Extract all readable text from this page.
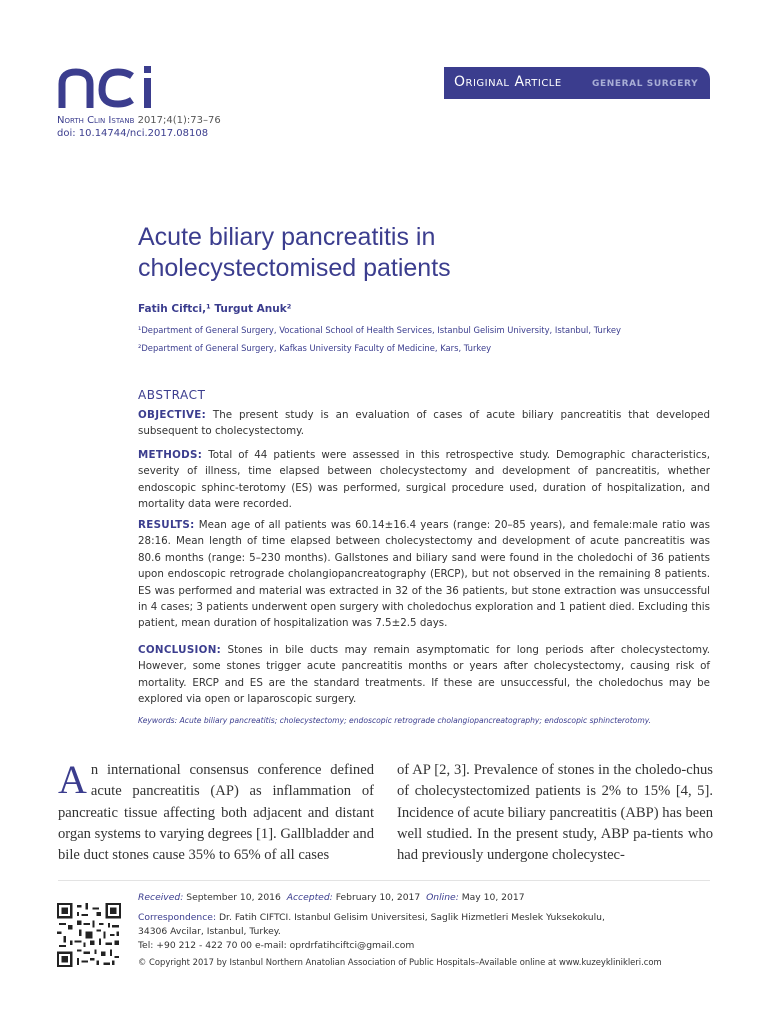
Original Article	GENERAL SURGERY
North Clin Istanb 2017;4(1):73–76
doi: 10.14744/nci.2017.08108
Acute biliary pancreatitis in
cholecystectomised patients
Fatih Ciftci,¹ Turgut Anuk²
¹Department of General Surgery, Vocational School of Health Services, Istanbul Gelisim University, Istanbul, Turkey
²Department of General Surgery, Kafkas University Faculty of Medicine, Kars, Turkey
ABSTRACT

OBJECTIVE: The present study is an evaluation of cases of acute biliary pancreatitis that developed subsequent to cholecystectomy.

METHODS: Total of 44 patients were assessed in this retrospective study. Demographic characteristics, severity of illness, time elapsed between cholecystectomy and development of pancreatitis, whether endoscopic sphinc-terotomy (ES) was performed, surgical procedure used, duration of hospitalization, and mortality data were recorded.

RESULTS: Mean age of all patients was 60.14±16.4 years (range: 20–85 years), and female:male ratio was 28:16. Mean length of time elapsed between cholecystectomy and development of acute pancreatitis was 80.6 months (range: 5–230 months). Gallstones and biliary sand were found in the choledochi of 36 patients upon endoscopic retrograde cholangiopancreatography (ERCP), but not observed in the remaining 8 patients. ES was performed and material was extracted in 32 of the 36 patients, but stone extraction was unsuccessful in 4 cases; 3 patients underwent open surgery with choledochus exploration and 1 patient died. Excluding this patient, mean duration of hospitalization was 7.5±2.5 days.

CONCLUSION: Stones in bile ducts may remain asymptomatic for long periods after cholecystectomy. However, some stones trigger acute pancreatitis months or years after cholecystectomy, causing risk of mortality. ERCP and ES are the standard treatments. If these are unsuccessful, the choledochus may be explored via open or laparoscopic surgery.

Keywords: Acute biliary pancreatitis; cholecystectomy; endoscopic retrograde cholangiopancreatography; endoscopic sphincterotomy.

An international consensus conference defined acute pancreatitis (AP) as inflammation of pancreatic tissue affecting both adjacent and distant organ systems to varying degrees [1]. Gallbladder and bile duct stones cause 35% to 65% of all cases

of AP [2, 3]. Prevalence of stones in the choledo-chus of cholecystectomized patients is 2% to 15% [4, 5]. Incidence of acute biliary pancreatitis (ABP) has been well studied. In the present study, ABP pa-tients who had previously undergone cholecystec-

Received: September 10, 2016 Accepted: February 10, 2017 Online: May 10, 2017
Correspondence: Dr. Fatih CIFTCI. Istanbul Gelisim Universitesi, Saglik Hizmetleri Meslek Yuksekokulu,
34306 Avcilar, Istanbul, Turkey.
Tel: +90 212 - 422 70 00 e-mail: oprdrfatihciftci@gmail.com
© Copyright 2017 by Istanbul Northern Anatolian Association of Public Hospitals–Available online at www.kuzeyklinikleri.com
